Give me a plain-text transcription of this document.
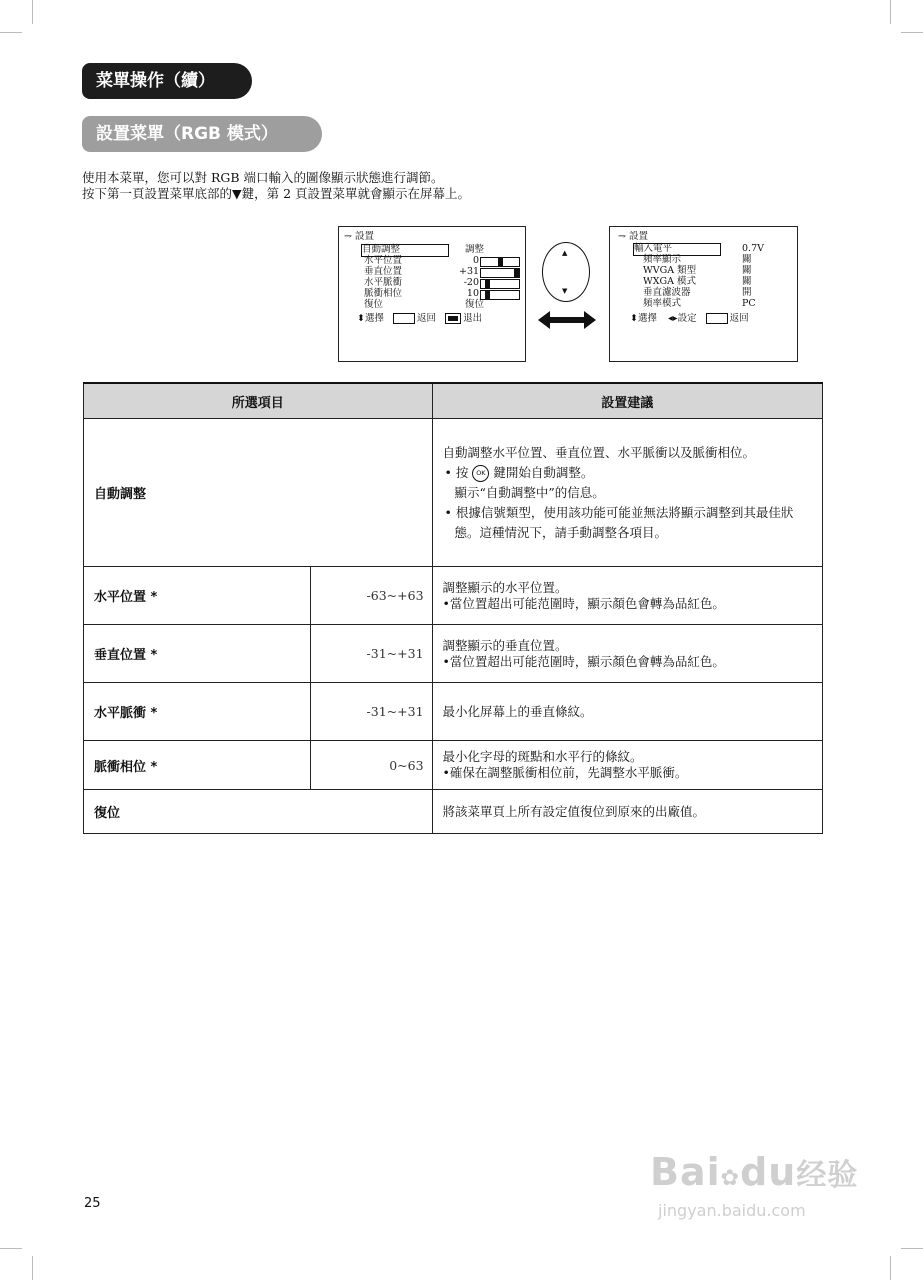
菜單操作（續）
設置菜單（RGB 模式）
使用本菜單，您可以對 RGB 端口輸入的圖像顯示狀態進行調節。
按下第一頁設置菜單底部的▼鍵，第 2 頁設置菜單就會顯示在屏幕上。
⇁ 設置
自動調整	調整
水平位置	0
垂直位置	+31
水平脈衝	-20
脈衝相位	10
復位	復位
⬍選擇	返回	退出
▲
▼
⇁ 設置
輸入電平	0.7V
頻率顯示	關
WVGA 類型	關
WXGA 模式	關
垂直濾波器	開
頻率模式	PC
⬍選擇 ◂▸設定	返回
所選項目		設置建議
自動調整		自動調整水平位置、垂直位置、水平脈衝以及脈衝相位。

• 按 OK 鍵開始自動調整。
顯示“自動調整中”的信息。

• 根據信號類型，使用該功能可能並無法將顯示調整到其最佳狀態。這種情況下，請手動調整各項目。

水平位置 *	-63~+63	調整顯示的水平位置。

•當位置超出可能范圍時，顯示顏色會轉為品紅色。

垂直位置 *	-31~+31	調整顯示的垂直位置。

•當位置超出可能范圍時，顯示顏色會轉為品紅色。

水平脈衝 *	-31~+31	最小化屏幕上的垂直條紋。

脈衝相位 *	0~63	最小化字母的斑點和水平行的條紋。

•確保在調整脈衝相位前，先調整水平脈衝。

復位		將該菜單頁上所有設定值復位到原來的出廠值。
25
Bai✿du经验
jingyan.baidu.com
